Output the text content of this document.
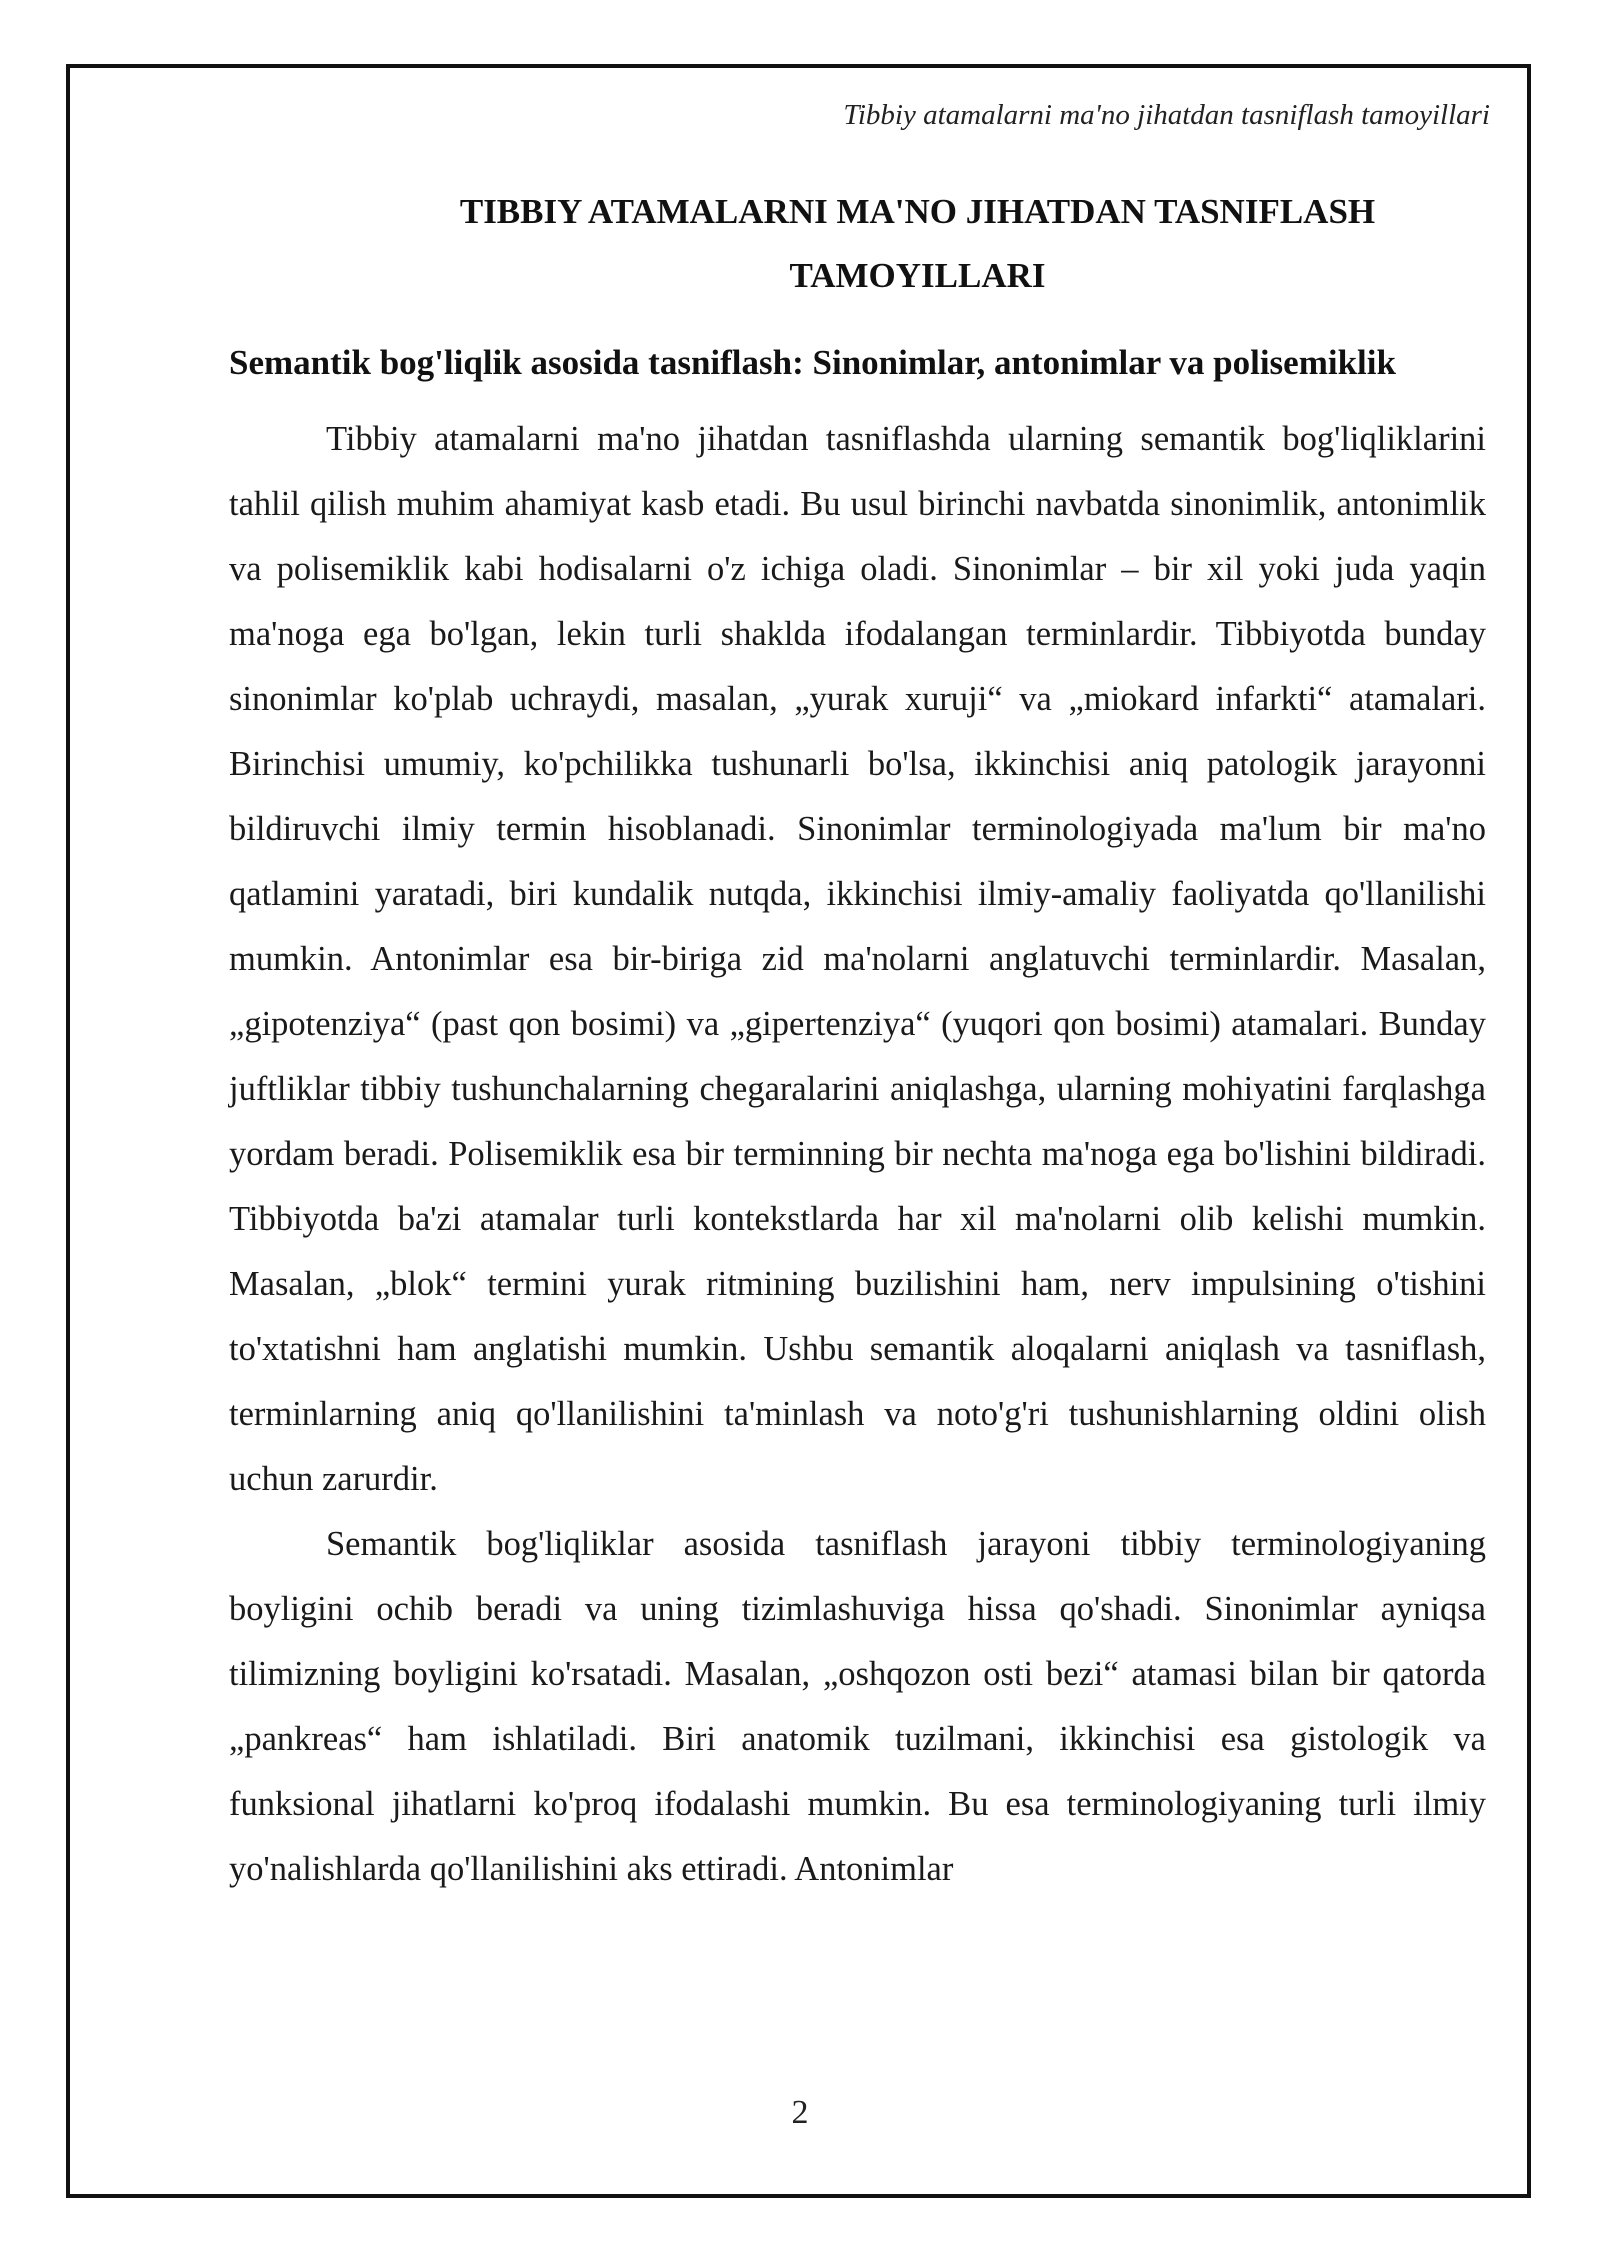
Tibbiy atamalarni ma'no jihatdan tasniflash tamoyillari
TIBBIY ATAMALARNI MA'NO JIHATDAN TASNIFLASH
TAMOYILLARI
Semantik bog'liqlik asosida tasniflash: Sinonimlar, antonimlar va polisemiklik

Tibbiy atamalarni ma'no jihatdan tasniflashda ularning semantik bog'liqliklarini tahlil qilish muhim ahamiyat kasb etadi. Bu usul birinchi navbatda sinonimlik, antonimlik va polisemiklik kabi hodisalarni o'z ichiga oladi. Sinonimlar – bir xil yoki juda yaqin ma'noga ega bo'lgan, lekin turli shaklda ifodalangan terminlardir. Tibbiyotda bunday sinonimlar ko'plab uchraydi, masalan, „yurak xuruji“ va „miokard infarkti“ atamalari. Birinchisi umumiy, ko'pchilikka tushunarli bo'lsa, ikkinchisi aniq patologik jarayonni bildiruvchi ilmiy termin hisoblanadi. Sinonimlar terminologiyada ma'lum bir ma'no qatlamini yaratadi, biri kundalik nutqda, ikkinchisi ilmiy-amaliy faoliyatda qo'llanilishi mumkin. Antonimlar esa bir-biriga zid ma'nolarni anglatuvchi terminlardir. Masalan, „gipotenziya“ (past qon bosimi) va „gipertenziya“ (yuqori qon bosimi) atamalari. Bunday juftliklar tibbiy tushunchalarning chegaralarini aniqlashga, ularning mohiyatini farqlashga yordam beradi. Polisemiklik esa bir terminning bir nechta ma'noga ega bo'lishini bildiradi. Tibbiyotda ba'zi atamalar turli kontekstlarda har xil ma'nolarni olib kelishi mumkin. Masalan, „blok“ termini yurak ritmining buzilishini ham, nerv impulsining o'tishini to'xtatishni ham anglatishi mumkin. Ushbu semantik aloqalarni aniqlash va tasniflash, terminlarning aniq qo'llanilishini ta'minlash va noto'g'ri tushunishlarning oldini olish uchun zarurdir.

Semantik bog'liqliklar asosida tasniflash jarayoni tibbiy terminologiyaning boyligini ochib beradi va uning tizimlashuviga hissa qo'shadi. Sinonimlar ayniqsa tilimizning boyligini ko'rsatadi. Masalan, „oshqozon osti bezi“ atamasi bilan bir qatorda „pankreas“ ham ishlatiladi. Biri anatomik tuzilmani, ikkinchisi esa gistologik va funksional jihatlarni ko'proq ifodalashi mumkin. Bu esa terminologiyaning turli ilmiy yo'nalishlarda qo'llanilishini aks ettiradi. Antonimlar

2
